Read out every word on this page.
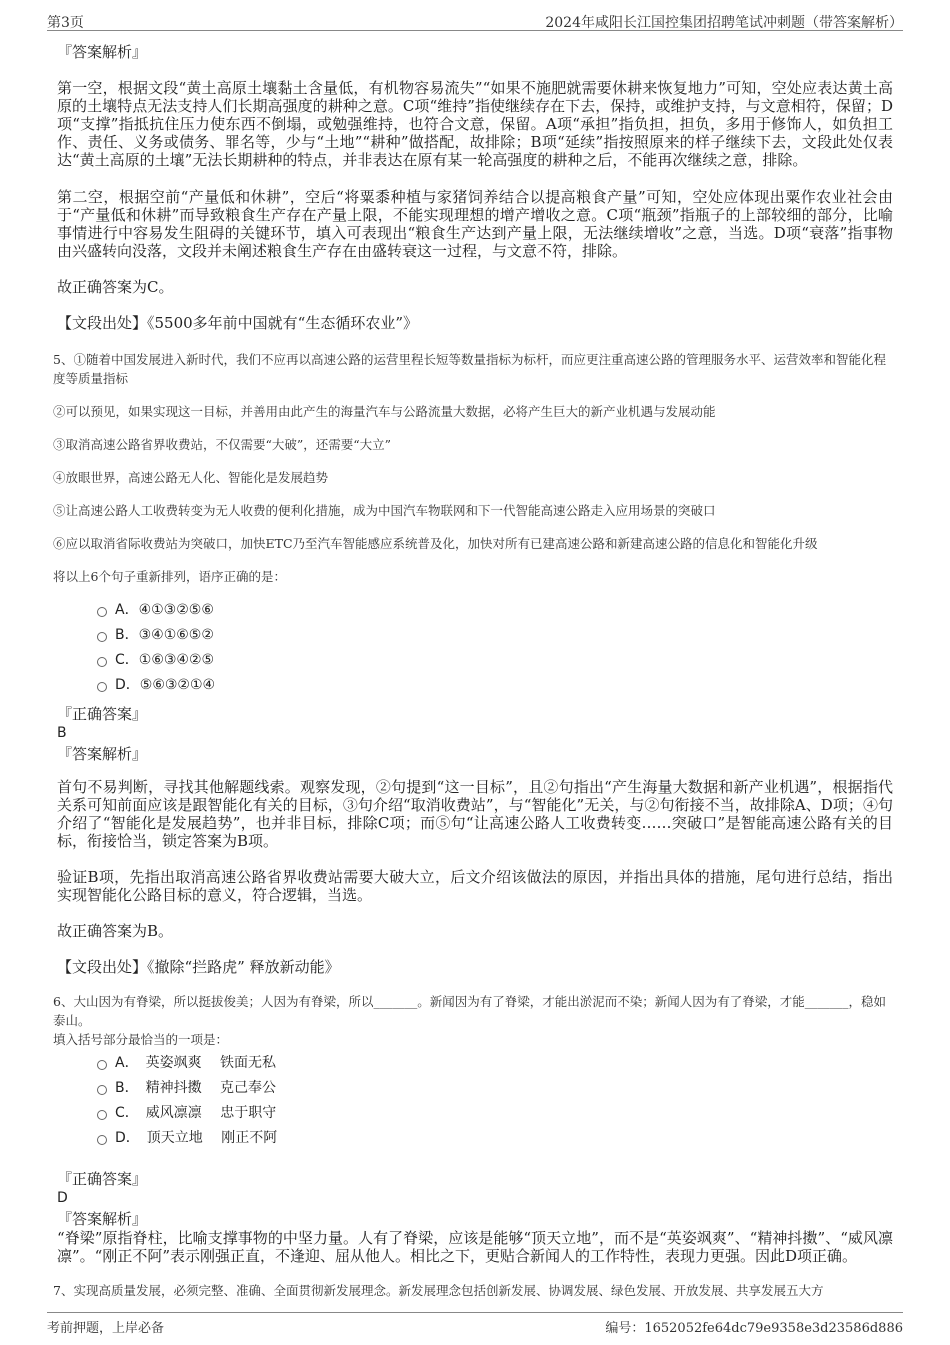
第3页	2024年咸阳长江国控集团招聘笔试冲刺题（带答案解析）
『答案解析』

第一空，根据文段“黄土高原土壤黏土含量低，有机物容易流失”“如果不施肥就需要休耕来恢复地力”可知，空处应表达黄土高原的土壤特点无法支持人们长期高强度的耕种之意。C项“维持”指使继续存在下去，保持，或维护支持，与文意相符，保留；D项“支撑”指抵抗住压力使东西不倒塌，或勉强维持，也符合文意，保留。A项“承担”指负担，担负，多用于修饰人，如负担工作、责任、义务或债务、罪名等，少与“土地”“耕种”做搭配，故排除；B项“延续”指按照原来的样子继续下去，文段此处仅表达“黄土高原的土壤”无法长期耕种的特点，并非表达在原有某一轮高强度的耕种之后，不能再次继续之意，排除。

第二空，根据空前“产量低和休耕”，空后“将粟黍种植与家猪饲养结合以提高粮食产量”可知，空处应体现出粟作农业社会由于“产量低和休耕”而导致粮食生产存在产量上限，不能实现理想的增产增收之意。C项“瓶颈”指瓶子的上部较细的部分，比喻事情进行中容易发生阻碍的关键环节，填入可表现出“粮食生产达到产量上限，无法继续增收”之意，当选。D项“衰落”指事物由兴盛转向没落，文段并未阐述粮食生产存在由盛转衰这一过程，与文意不符，排除。

故正确答案为C。

【文段出处】《5500多年前中国就有“生态循环农业”》

5、①随着中国发展进入新时代，我们不应再以高速公路的运营里程长短等数量指标为标杆，而应更注重高速公路的管理服务水平、运营效率和智能化程度等质量指标

②可以预见，如果实现这一目标，并善用由此产生的海量汽车与公路流量大数据，必将产生巨大的新产业机遇与发展动能

③取消高速公路省界收费站，不仅需要“大破”，还需要“大立”

④放眼世界，高速公路无人化、智能化是发展趋势

⑤让高速公路人工收费转变为无人收费的便利化措施，成为中国汽车物联网和下一代智能高速公路走入应用场景的突破口

⑥应以取消省际收费站为突破口，加快ETC乃至汽车智能感应系统普及化，加快对所有已建高速公路和新建高速公路的信息化和智能化升级

将以上6个句子重新排列，语序正确的是：

A．④①③②⑤⑥
B．③④①⑥⑤②
C．①⑥③④②⑤
D．⑤⑥③②①④
『正确答案』
B
『答案解析』

首句不易判断，寻找其他解题线索。观察发现，②句提到“这一目标”，且②句指出“产生海量大数据和新产业机遇”，根据指代关系可知前面应该是跟智能化有关的目标，③句介绍“取消收费站”，与“智能化”无关，与②句衔接不当，故排除A、D项；④句介绍了“智能化是发展趋势”，也并非目标，排除C项；而⑤句“让高速公路人工收费转变……突破口”是智能高速公路有关的目标，衔接恰当，锁定答案为B项。

验证B项，先指出取消高速公路省界收费站需要大破大立，后文介绍该做法的原因，并指出具体的措施，尾句进行总结，指出实现智能化公路目标的意义，符合逻辑，当选。

故正确答案为B。

【文段出处】《撤除“拦路虎” 释放新动能》

6、大山因为有脊梁，所以挺拔俊美；人因为有脊梁，所以_______。新闻因为有了脊梁，才能出淤泥而不染；新闻人因为有了脊梁，才能_______，稳如泰山。

填入括号部分最恰当的一项是：

A．　英姿飒爽　 铁面无私
B．　精神抖擞　 克己奉公
C．　威风凛凛　 忠于职守
D．　顶天立地　 刚正不阿
『正确答案』
D
『答案解析』

“脊梁”原指脊柱，比喻支撑事物的中坚力量。人有了脊梁，应该是能够“顶天立地”，而不是“英姿飒爽”、“精神抖擞”、“威风凛凛”。“刚正不阿”表示刚强正直，不逢迎、屈从他人。相比之下，更贴合新闻人的工作特性，表现力更强。因此D项正确。

7、实现高质量发展，必须完整、准确、全面贯彻新发展理念。新发展理念包括创新发展、协调发展、绿色发展、开放发展、共享发展五大方

考前押题，上岸必备	编号：1652052fe64dc79e9358e3d23586d886
